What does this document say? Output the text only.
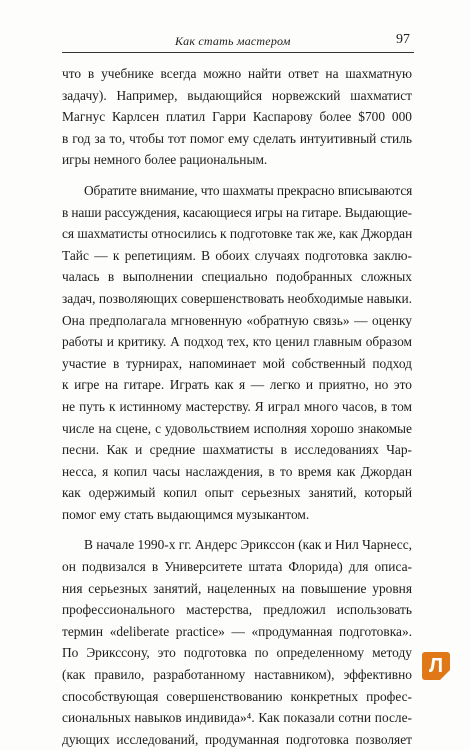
Как стать мастером	97

что в учебнике всегда можно найти ответ на шахматную
задачу). Например, выдающийся норвежский шахматист
Магнус Карлсен платил Гарри Каспарову более $700 000
в год за то, чтобы тот помог ему сделать интуитивный стиль
игры немного более рациональным.

Обратите внимание, что шахматы прекрасно вписываются
в наши рассуждения, касающиеся игры на гитаре. Выдающие-
ся шахматисты относились к подготовке так же, как Джордан
Тайс — к репетициям. В обоих случаях подготовка заклю-
чалась в выполнении специально подобранных сложных
задач, позволяющих совершенствовать необходимые навыки.
Она предполагала мгновенную «обратную связь» — оценку
работы и критику. А подход тех, кто ценил главным образом
участие в турнирах, напоминает мой собственный подход
к игре на гитаре. Играть как я — легко и приятно, но это
не путь к истинному мастерству. Я играл много часов, в том
числе на сцене, с удовольствием исполняя хорошо знакомые
песни. Как и средние шахматисты в исследованиях Чар-
несса, я копил часы наслаждения, в то время как Джордан
как одержимый копил опыт серьезных занятий, который
помог ему стать выдающимся музыкантом.

В начале 1990-х гг. Андерс Эрикссон (как и Нил Чарнесс,
он подвизался в Университете штата Флорида) для описа-
ния серьезных занятий, нацеленных на повышение уровня
профессионального мастерства, предложил использовать
термин «deliberate practice» — «продуманная подготовка».
По Эрикссону, это подготовка по определенному методу
(как правило, разработанному наставником), эффективно
способствующая совершенствованию конкретных профес-
сиональных навыков индивида»⁴. Как показали сотни после-
дующих исследований, продуманная подготовка позволяет

Л
